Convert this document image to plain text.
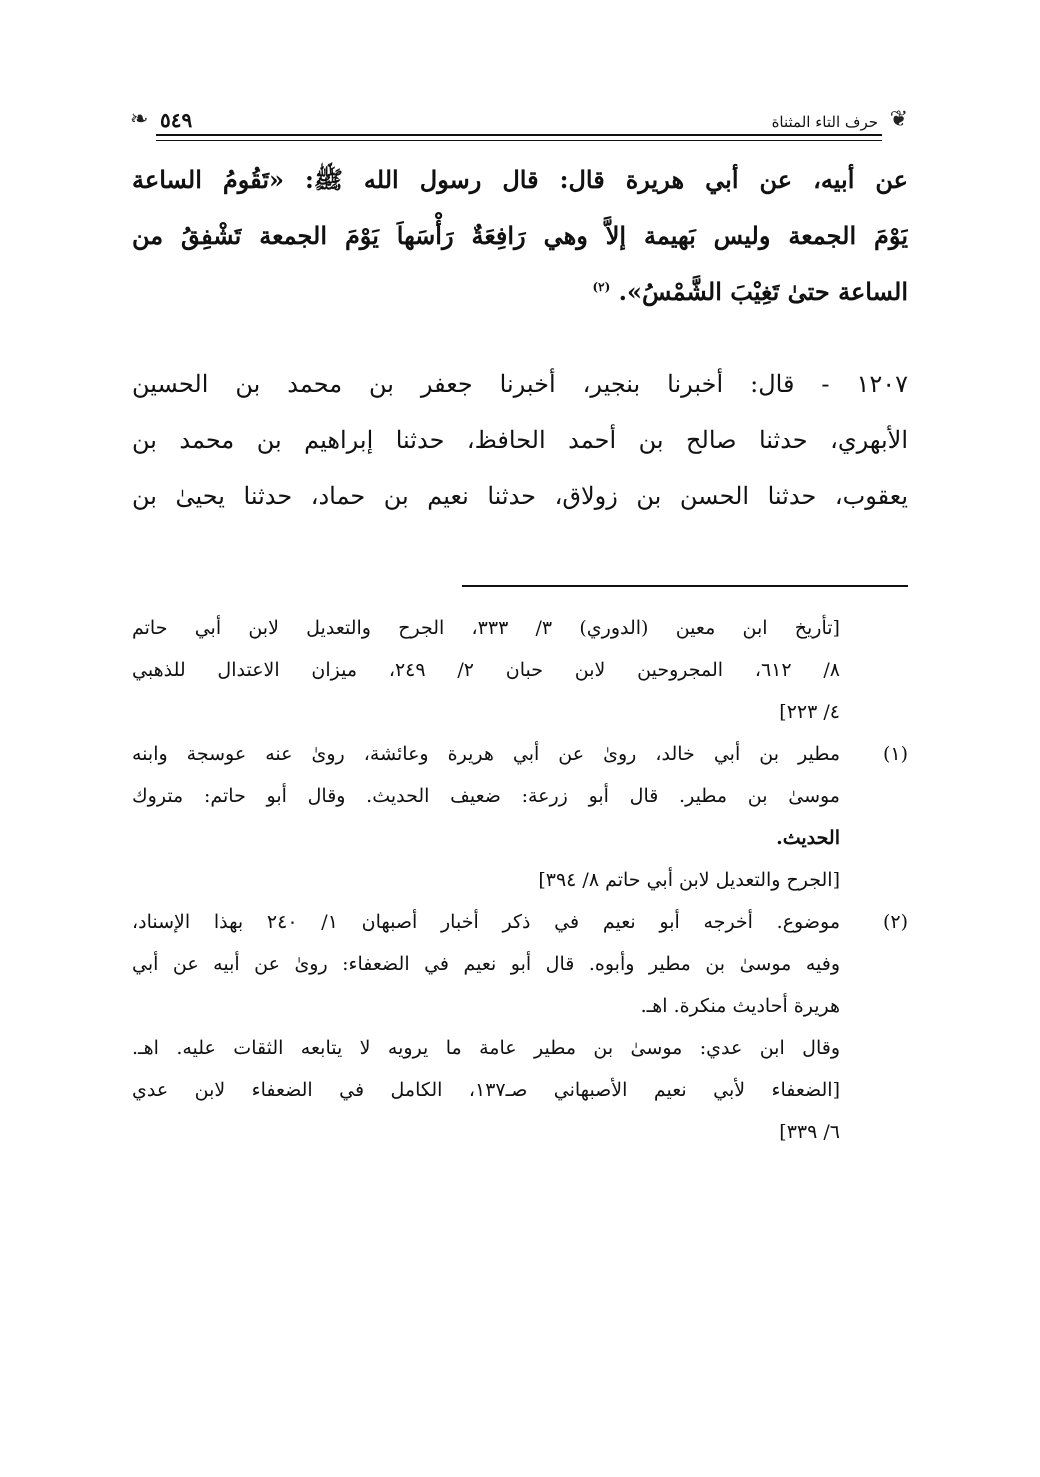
❦
حرف التاء المثناة
٥٤٩
❧
عن أبيه، عن أبي هريرة قال: قال رسول الله ﷺ: «تَقُومُ الساعة
يَوْمَ الجمعة وليس بَهيمة إلاَّ وهي رَافِعَةٌ رَأْسَهاَ يَوْمَ الجمعة تَشْفِقُ من
الساعة حتىٰ تَغِيْبَ الشَّمْسُ». $^{(٢)}$
١٢٠٧ - قال: أخبرنا بنجير، أخبرنا جعفر بن محمد بن الحسين
الأبهري، حدثنا صالح بن أحمد الحافظ، حدثنا إبراهيم بن محمد بن
يعقوب، حدثنا الحسن بن زولاق، حدثنا نعيم بن حماد، حدثنا يحيىٰ بن
[تأريخ ابن معين (الدوري) ٣/ ٣٣٣، الجرح والتعديل لابن أبي حاتم
٨/ ٦١٢، المجروحين لابن حبان ٢/ ٢٤٩، ميزان الاعتدال للذهبي
٤/ ٢٢٣]
(١)
مطير بن أبي خالد، روىٰ عن أبي هريرة وعائشة، روىٰ عنه عوسجة وابنه
موسىٰ بن مطير. قال أبو زرعة: ضعيف الحديث. وقال أبو حاتم: متروك
الحديث.
[الجرح والتعديل لابن أبي حاتم ٨/ ٣٩٤]
(٢)
موضوع. أخرجه أبو نعيم في ذكر أخبار أصبهان ١/ ٢٤٠ بهذا الإسناد،
وفيه موسىٰ بن مطير وأبوه. قال أبو نعيم في الضعفاء: روىٰ عن أبيه عن أبي
هريرة أحاديث منكرة. اهـ.
وقال ابن عدي: موسىٰ بن مطير عامة ما يرويه لا يتابعه الثقات عليه. اهـ.
[الضعفاء لأبي نعيم الأصبهاني صـ١٣٧، الكامل في الضعفاء لابن عدي
٦/ ٣٣٩]
